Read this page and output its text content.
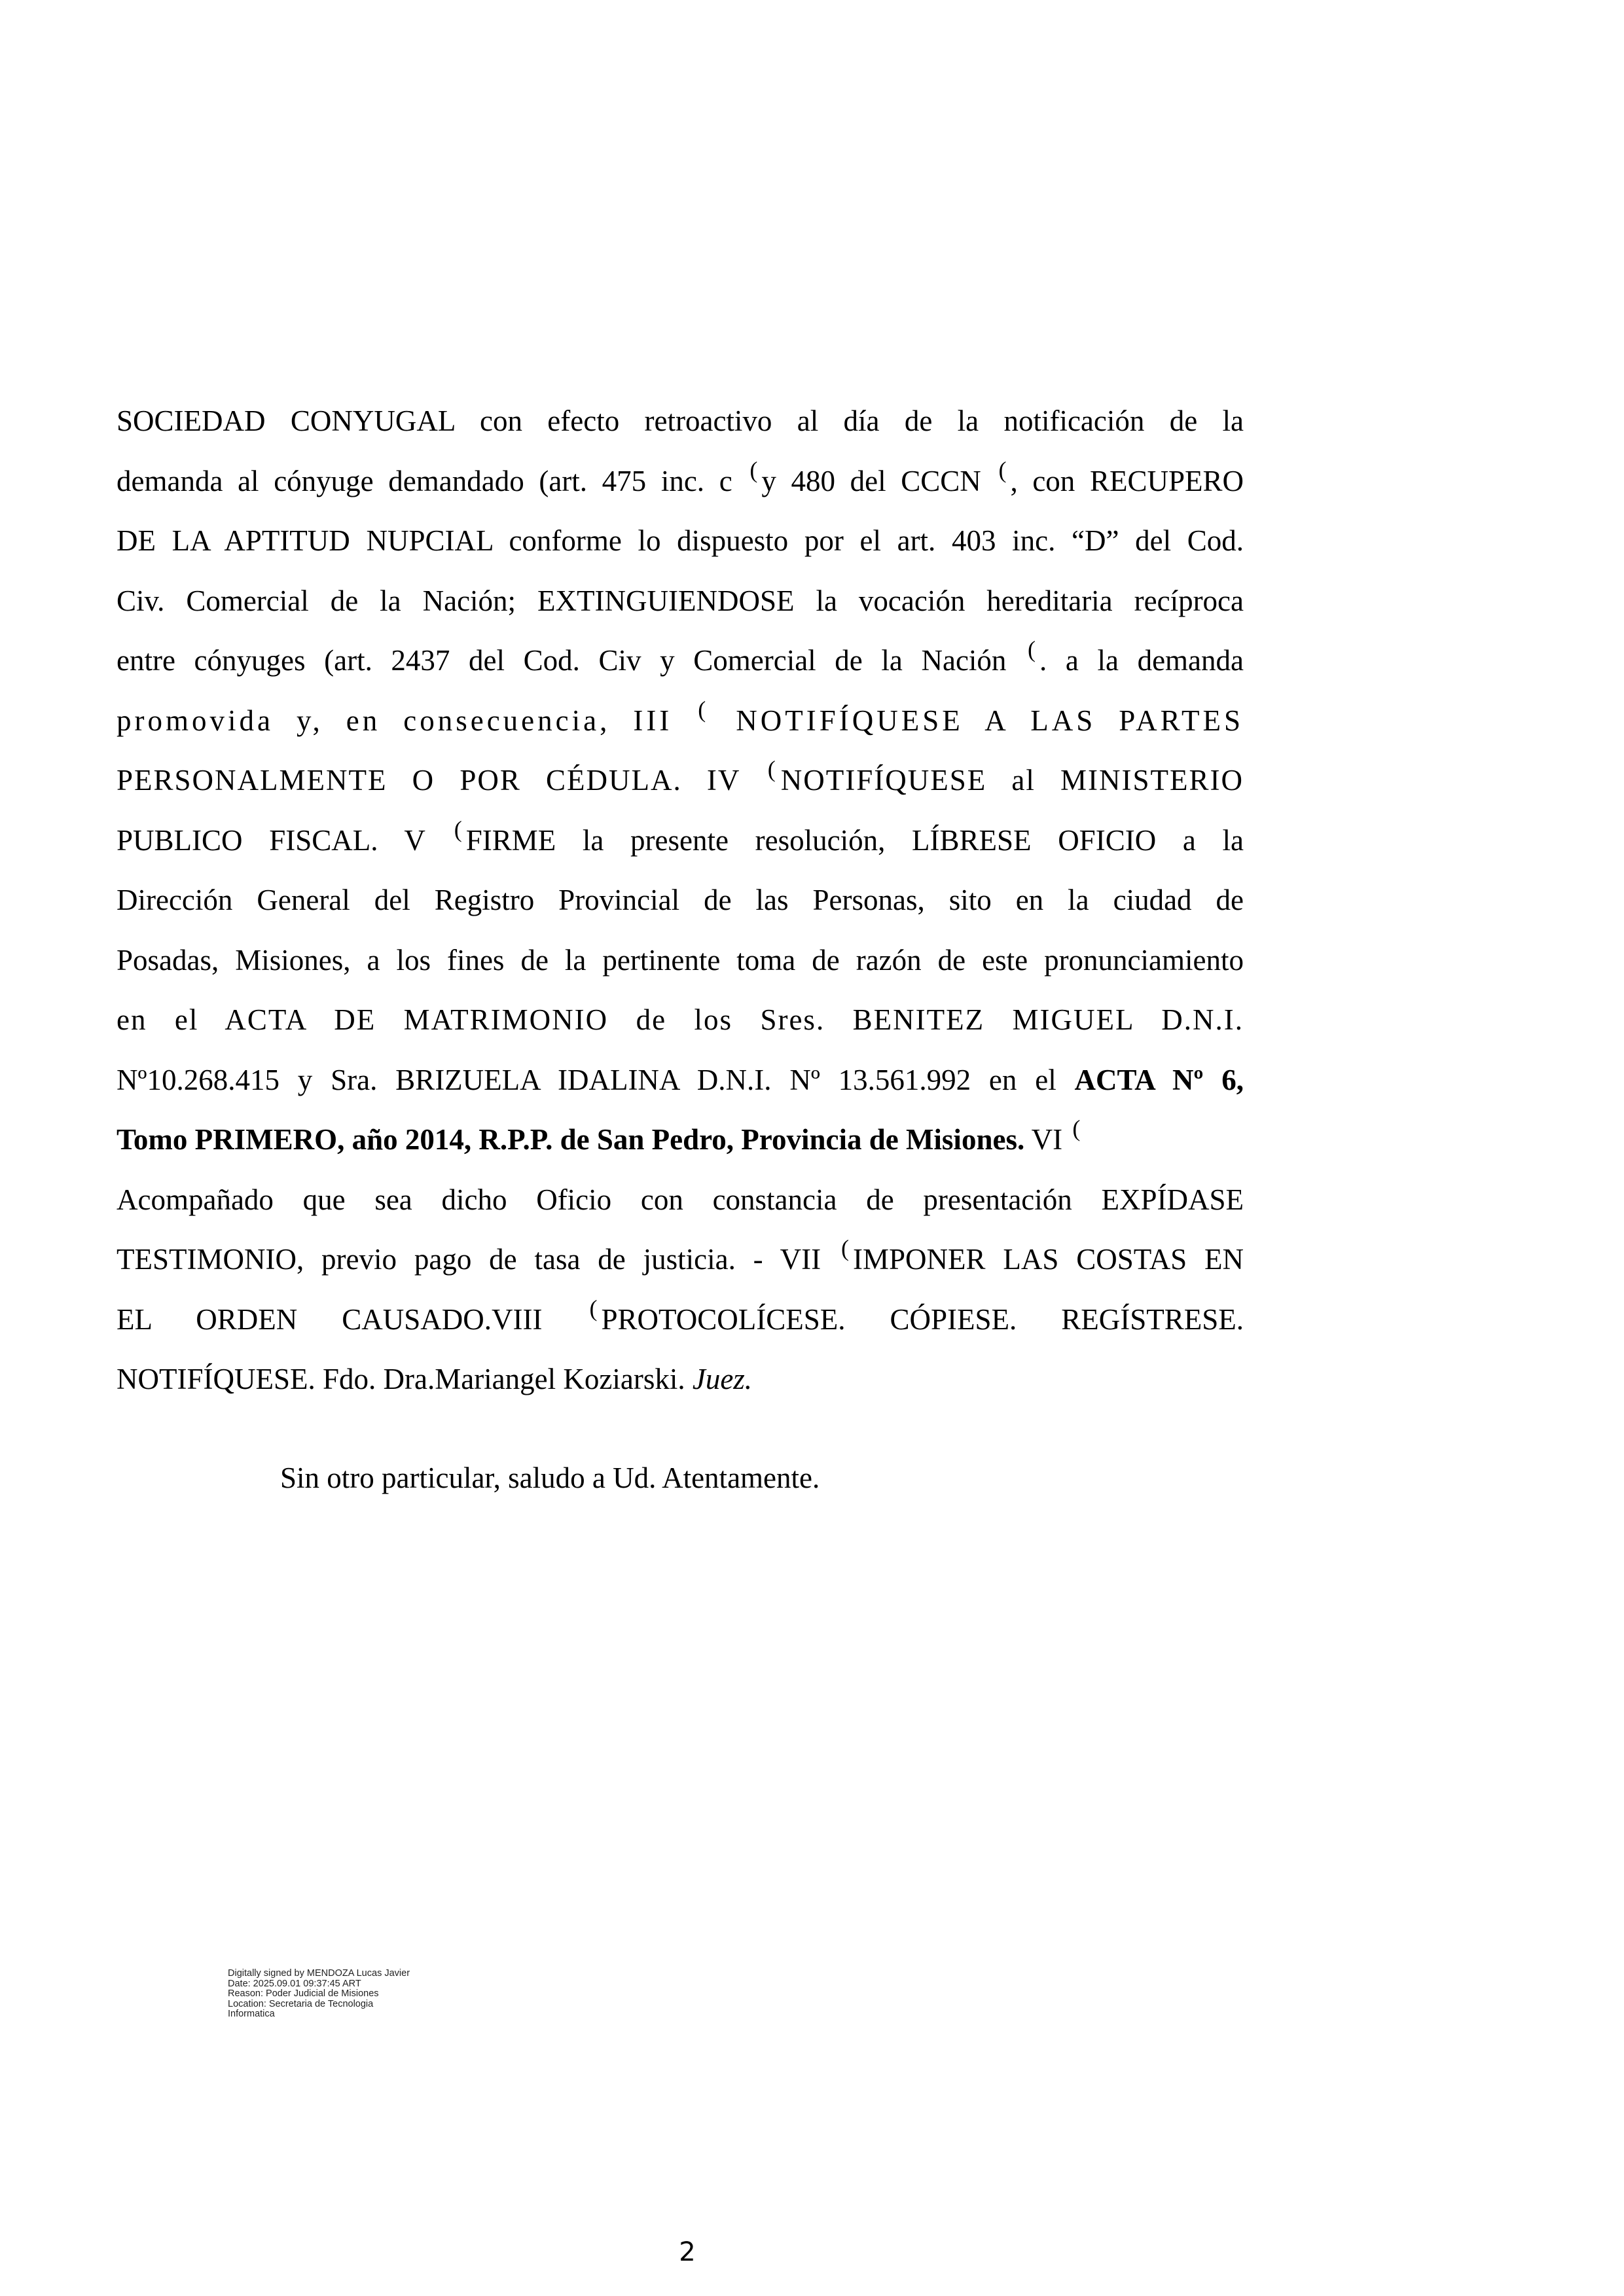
SOCIEDAD CONYUGAL con efecto retroactivo al día de la notificación de la
demanda al cónyuge demandado (art. 475 inc. c ( y 480 del CCCN ( , con RECUPERO
DE LA APTITUD NUPCIAL conforme lo dispuesto por el art. 403 inc. “D” del Cod.
Civ. Comercial de la Nación; EXTINGUIENDOSE la vocación hereditaria recíproca
entre cónyuges (art. 2437 del Cod. Civ y Comercial de la Nación ( . a la demanda
promovida y, en consecuencia, III ( NOTIFÍQUESE A LAS PARTES
PERSONALMENTE O POR CÉDULA. IV ( NOTIFÍQUESE al MINISTERIO
PUBLICO FISCAL. V ( FIRME la presente resolución, LÍBRESE OFICIO a la
Dirección General del Registro Provincial de las Personas, sito en la ciudad de
Posadas, Misiones, a los fines de la pertinente toma de razón de este pronunciamiento
en el ACTA DE MATRIMONIO de los Sres. BENITEZ MIGUEL D.N.I.
Nº10.268.415 y Sra. BRIZUELA IDALINA D.N.I. Nº 13.561.992 en el ACTA Nº 6,
Tomo PRIMERO, año 2014, R.P.P. de San Pedro, Provincia de Misiones. VI (
Acompañado que sea dicho Oficio con constancia de presentación EXPÍDASE
TESTIMONIO, previo pago de tasa de justicia. - VII ( IMPONER LAS COSTAS EN
EL ORDEN CAUSADO.VIII ( PROTOCOLÍCESE. CÓPIESE. REGÍSTRESE.
NOTIFÍQUESE. Fdo. Dra.Mariangel Koziarski. Juez.
Sin otro particular, saludo a Ud. Atentamente.
Digitally signed by MENDOZA Lucas Javier
Date: 2025.09.01 09:37:45 ART
Reason: Poder Judicial de Misiones
Location: Secretaria de Tecnologia
Informatica
2
